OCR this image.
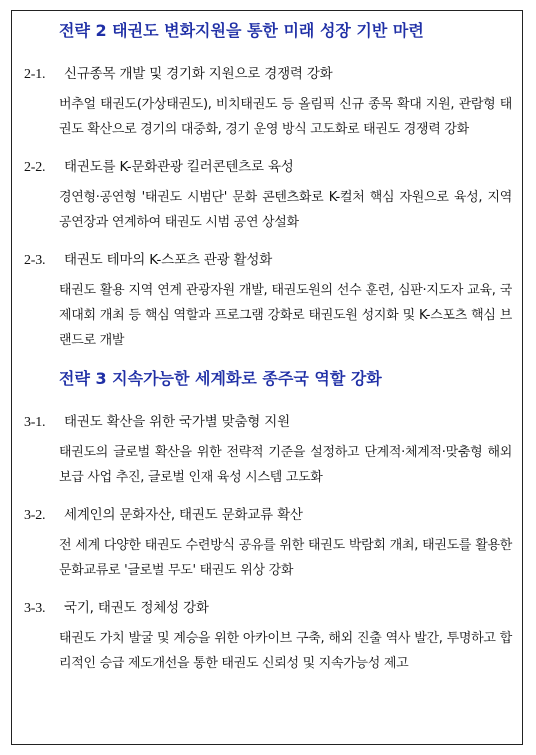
전략 2 태권도 변화지원을 통한 미래 성장 기반 마련
2-1. 신규종목 개발 및 경기화 지원으로 경쟁력 강화
버추얼 태권도(가상태권도), 비치태권도 등 올림픽 신규 종목 확대 지원, 관람형 태권도 확산으로 경기의 대중화, 경기 운영 방식 고도화로 태권도 경쟁력 강화
2-2. 태권도를 K-문화관광 킬러콘텐츠로 육성
경연형·공연형 '태권도 시범단' 문화 콘텐츠화로 K-컬처 핵심 자원으로 육성, 지역 공연장과 연계하여 태권도 시범 공연 상설화
2-3. 태권도 테마의 K-스포츠 관광 활성화
태권도 활용 지역 연계 관광자원 개발, 태권도원의 선수 훈련, 심판·지도자 교육, 국제대회 개최 등 핵심 역할과 프로그램 강화로 태권도원 성지화 및 K-스포츠 핵심 브랜드로 개발
전략 3 지속가능한 세계화로 종주국 역할 강화
3-1. 태권도 확산을 위한 국가별 맞춤형 지원
태권도의 글로벌 확산을 위한 전략적 기준을 설정하고 단계적·체계적·맞춤형 해외보급 사업 추진, 글로벌 인재 육성 시스템 고도화
3-2. 세계인의 문화자산, 태권도 문화교류 확산
전 세계 다양한 태권도 수련방식 공유를 위한 태권도 박람회 개최, 태권도를 활용한 문화교류로 '글로벌 무도' 태권도 위상 강화
3-3. 국기, 태권도 정체성 강화
태권도 가치 발굴 및 계승을 위한 아카이브 구축, 해외 진출 역사 발간, 투명하고 합리적인 승급 제도개선을 통한 태권도 신뢰성 및 지속가능성 제고
